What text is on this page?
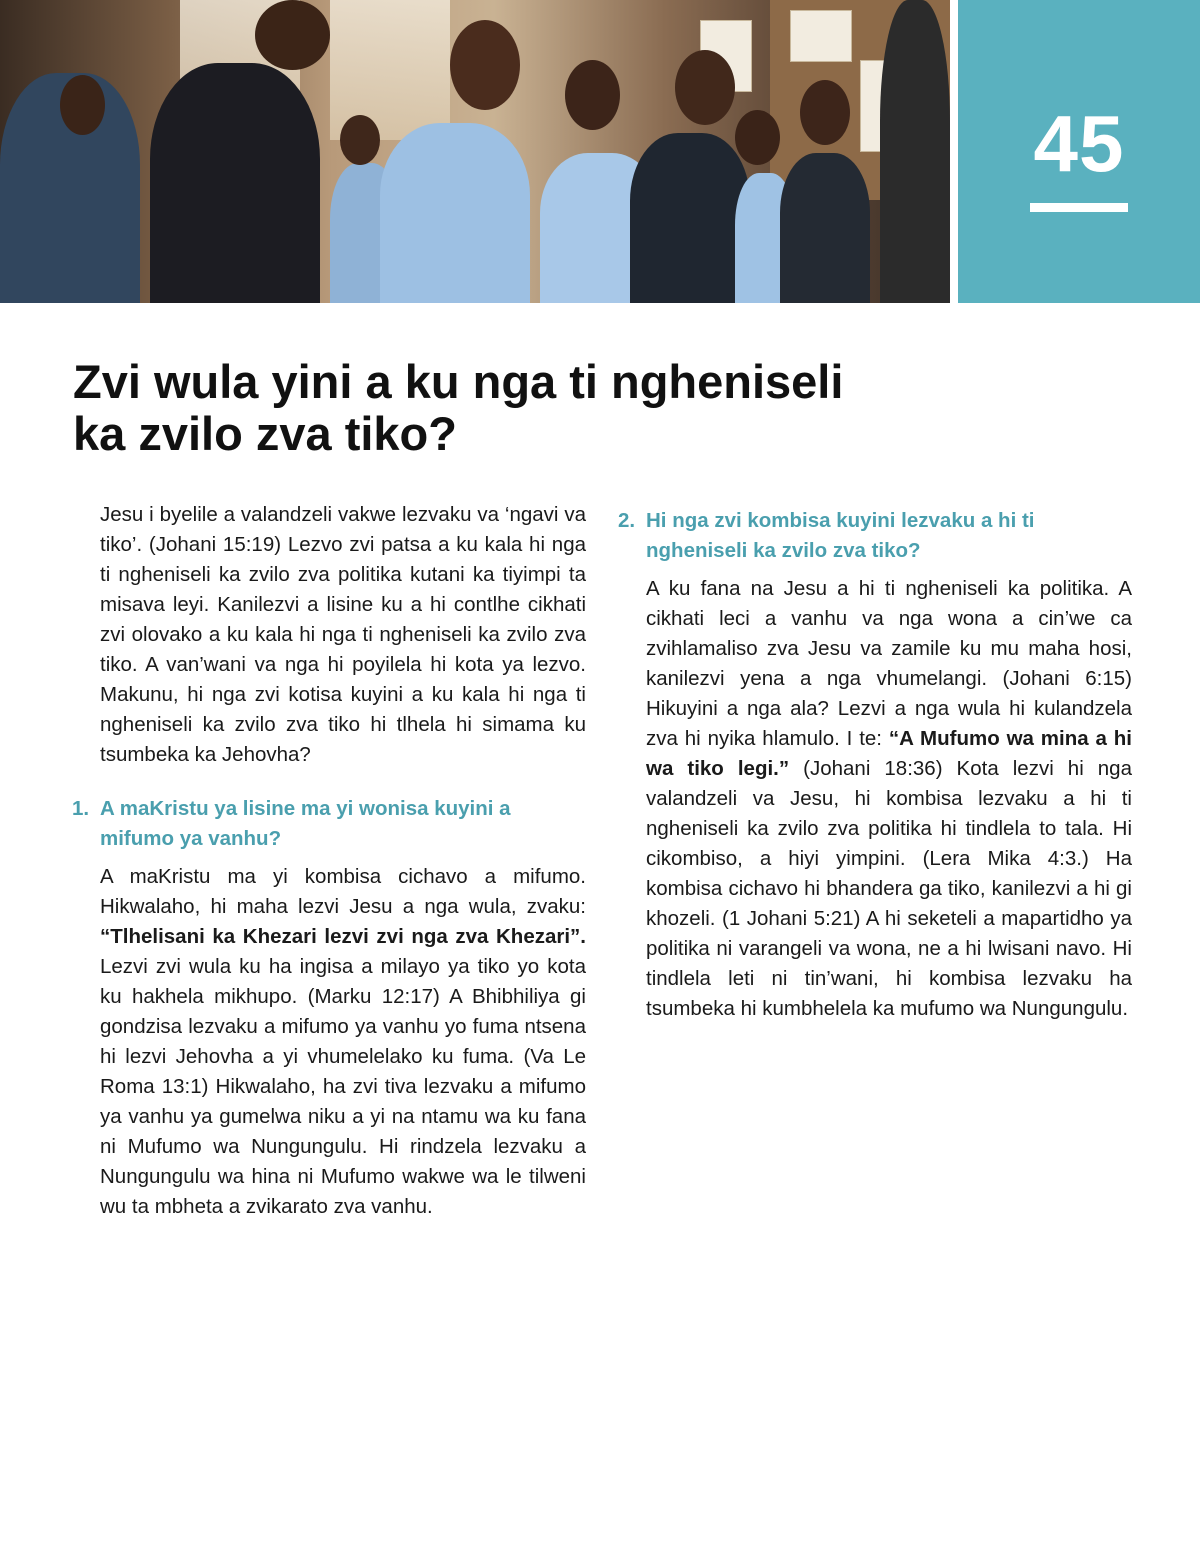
45
Zvi wula yini a ku nga ti ngheniseli
ka zvilo zva tiko?

Jesu i byelile a valandzeli vakwe lezvaku va ‘ngavi va tiko’. (Johani 15:19) Lezvo zvi patsa a ku kala hi nga ti ngheniseli ka zvilo zva politika kutani ka tiyimpi ta misava leyi. Kanilezvi a lisine ku a hi contlhe cikhati zvi olovako a ku kala hi nga ti ngheniseli ka zvilo zva tiko. A van’wani va nga hi poyilela hi kota ya lezvo. Makunu, hi nga zvi kotisa kuyini a ku kala hi nga ti ngheniseli ka zvilo zva tiko hi tlhela hi simama ku tsumbeka ka Jehovha?

1. A maKristu ya lisine ma yi wonisa kuyini a mifumo ya vanhu?

A maKristu ma yi kombisa cichavo a mifumo. Hikwalaho, hi maha lezvi Jesu a nga wula, zvaku: “Tlhelisani ka Khezari lezvi zvi nga zva Khezari”. Lezvi zvi wula ku ha ingisa a milayo ya tiko yo kota ku hakhela mikhupo. (Marku 12:17) A Bhibhiliya gi gondzisa lezvaku a mifumo ya vanhu yo fuma ntsena hi lezvi Jehovha a yi vhumelelako ku fuma. (Va Le Roma 13:1) Hikwalaho, ha zvi tiva lezvaku a mifumo ya vanhu ya gumelwa niku a yi na ntamu wa ku fana ni Mufumo wa Nungungulu. Hi rindzela lezvaku a Nungungulu wa hina ni Mufumo wakwe wa le tilweni wu ta mbheta a zvikarato zva vanhu.

2. Hi nga zvi kombisa kuyini lezvaku a hi ti ngheniseli ka zvilo zva tiko?

A ku fana na Jesu a hi ti ngheniseli ka politika. A cikhati leci a vanhu va nga wona a cin’we ca zvihlamaliso zva Jesu va zamile ku mu maha hosi, kanilezvi yena a nga vhumelangi. (Johani 6:15) Hikuyini a nga ala? Lezvi a nga wula hi kulandzela zva hi nyika hlamulo. I te: “A Mufumo wa mina a hi wa tiko legi.” (Johani 18:36) Kota lezvi hi nga valandzeli va Jesu, hi kombisa lezvaku a hi ti ngheniseli ka zvilo zva politika hi tindlela to tala. Hi cikombiso, a hiyi yimpini. (Lera Mika 4:3.) Ha kombisa cichavo hi bhandera ga tiko, kanilezvi a hi gi khozeli. (1 Johani 5:21) A hi seketeli a mapartidho ya politika ni varangeli va wona, ne a hi lwisani navo. Hi tindlela leti ni tin’wani, hi kombisa lezvaku ha tsumbeka hi kumbhelela ka mufumo wa Nungungulu.
